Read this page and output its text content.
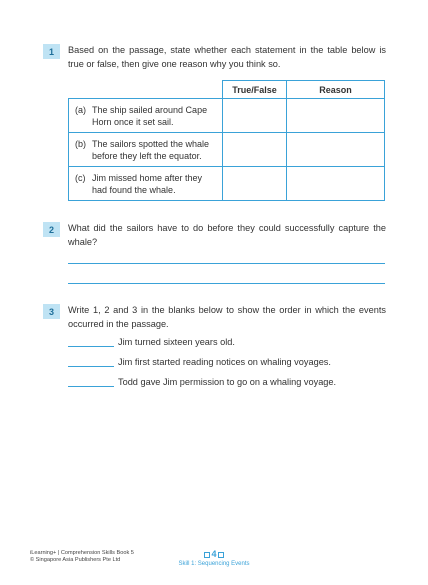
1	Based on the passage, state whether each statement in the table below is true or false, then give one reason why you think so.
	True/False	Reason
(a) The ship sailed around Cape Horn once it set sail.		
(b) The sailors spotted the whale before they left the equator.		
(c) Jim missed home after they had found the whale.		
2	What did the sailors have to do before they could successfully capture the whale?
3	Write 1, 2 and 3 in the blanks below to show the order in which the events occurred in the passage.
Jim turned sixteen years old.
Jim first started reading notices on whaling voyages.
Todd gave Jim permission to go on a whaling voyage.
iLearning+ | Comprehension Skills Book 5
© Singapore Asia Publishers Pte Ltd
4
Skill 1: Sequencing Events
